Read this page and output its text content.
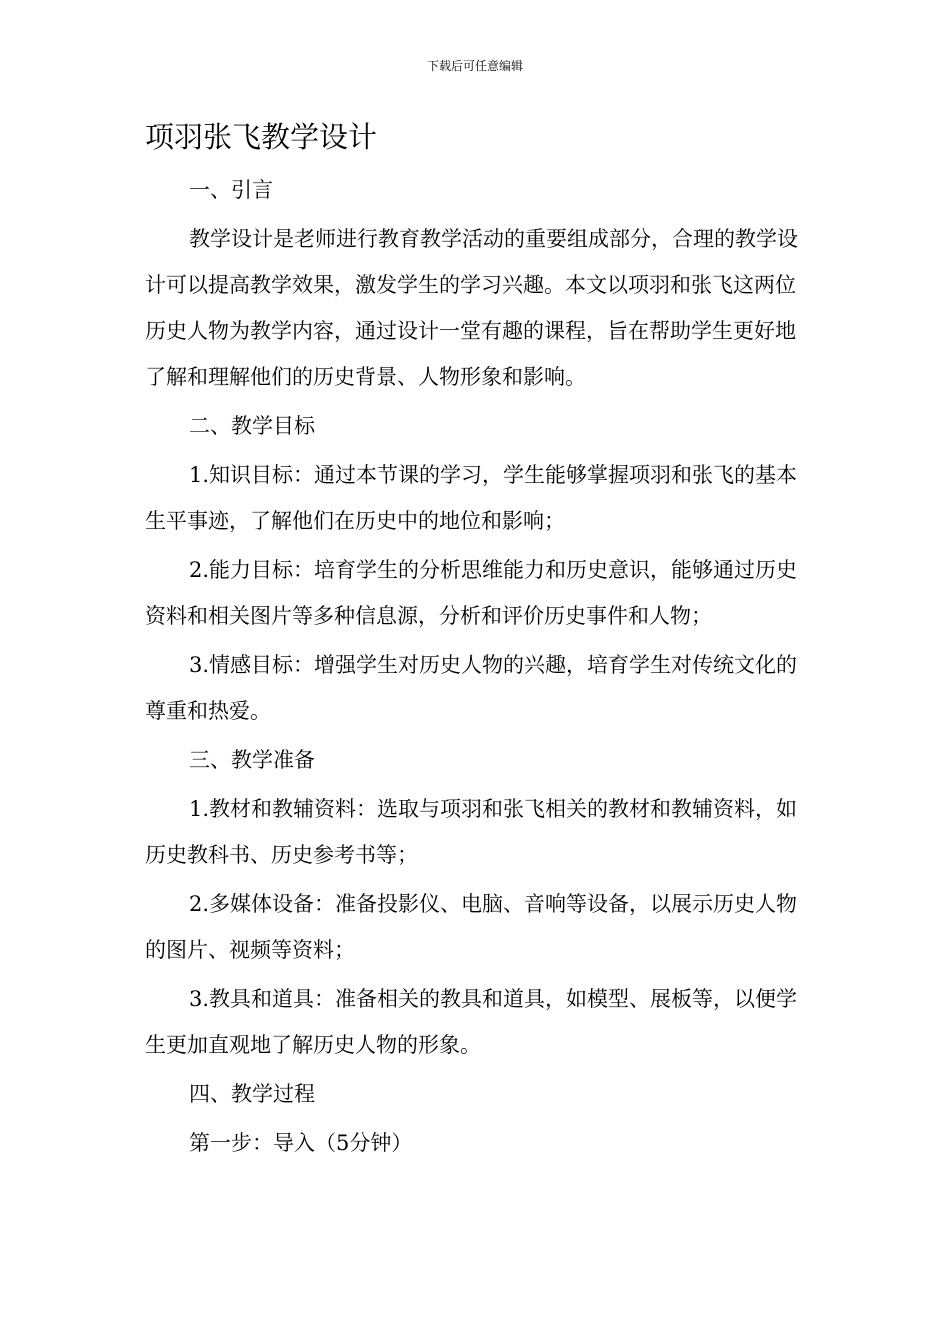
下载后可任意编辑
项羽张飞教学设计

一、引言

教学设计是老师进行教育教学活动的重要组成部分，合理的教学设计可以提高教学效果，激发学生的学习兴趣。本文以项羽和张飞这两位历史人物为教学内容，通过设计一堂有趣的课程，旨在帮助学生更好地了解和理解他们的历史背景、人物形象和影响。

二、教学目标

1.知识目标：通过本节课的学习，学生能够掌握项羽和张飞的基本生平事迹，了解他们在历史中的地位和影响；

2.能力目标：培育学生的分析思维能力和历史意识，能够通过历史资料和相关图片等多种信息源，分析和评价历史事件和人物；

3.情感目标：增强学生对历史人物的兴趣，培育学生对传统文化的尊重和热爱。

三、教学准备

1.教材和教辅资料：选取与项羽和张飞相关的教材和教辅资料，如历史教科书、历史参考书等；

2.多媒体设备：准备投影仪、电脑、音响等设备，以展示历史人物的图片、视频等资料；

3.教具和道具：准备相关的教具和道具，如模型、展板等，以便学生更加直观地了解历史人物的形象。

四、教学过程

第一步：导入（5分钟）
